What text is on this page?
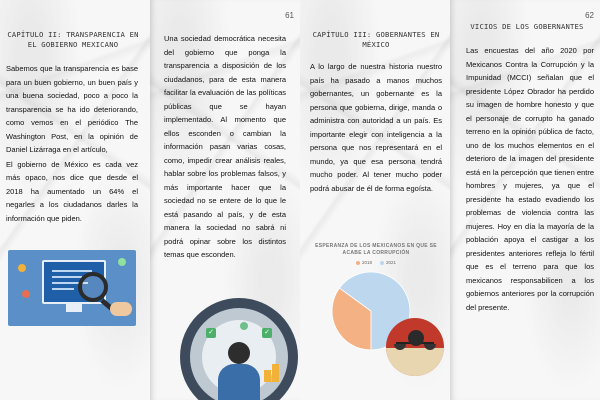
CAPÍTULO II: TRANSPARENCIA EN EL GOBIERNO MEXICANO

Sabemos que la transparencia es base para un buen gobierno, un buen país y una buena sociedad, poco a poco la transparencia se ha ido deteriorando, como vemos en el periódico The Washington Post, en la opinión de Daniel Lizárraga en el artículo,

El gobierno de México es cada vez más opaco, nos dice que desde el 2018 ha aumentado un 64% el negarles a los ciudadanos darles la información que piden.

61

Una sociedad democrática necesita del gobierno que ponga la transparencia a disposición de los ciudadanos, para de esta manera facilitar la evaluación de las políticas públicas que se hayan implementado. Al momento que ellos esconden o cambian la información pasan varias cosas, como, impedir crear análisis reales, hablar sobre los problemas falsos, y más importante hacer que la sociedad no se entere de lo que le está pasando al país, y de esta manera la sociedad no sabrá ni podrá opinar sobre los distintos temas que esconden.

✓	✓
CAPÍTULO III: GOBERNANTES EN MÉXICO

A lo largo de nuestra historia nuestro país ha pasado a manos muchos gobernantes, un gobernante es la persona que gobierna, dirige, manda o administra con autoridad a un país. Es importante elegir con inteligencia a la persona que nos representará en el mundo, ya que esa persona tendrá mucho poder. Al tener mucho poder podrá abusar de él de forma egoísta.

ESPERANZA DE LOS MEXICANOS EN QUE SE ACABE LA CORRUPCIÓN
2018	2021
62
VICIOS DE LOS GOBERNANTES

Las encuestas del año 2020 por Mexicanos Contra la Corrupción y la Impunidad (MCCI) señalan que el presidente López Obrador ha perdido su imagen de hombre honesto y que el personaje de corrupto ha ganado terreno en la opinión pública de facto, uno de los muchos elementos en el deterioro de la imagen del presidente está en la percepción que tienen entre hombres y mujeres, ya que el presidente ha estado evadiendo los problemas de violencia contra las mujeres. Hoy en día la mayoría de la población apoya el castigar a los presidentes anteriores refleja lo fértil que es el terreno para que los mexicanos responsabilicen a los gobiernos anteriores por la corrupción del presente.
